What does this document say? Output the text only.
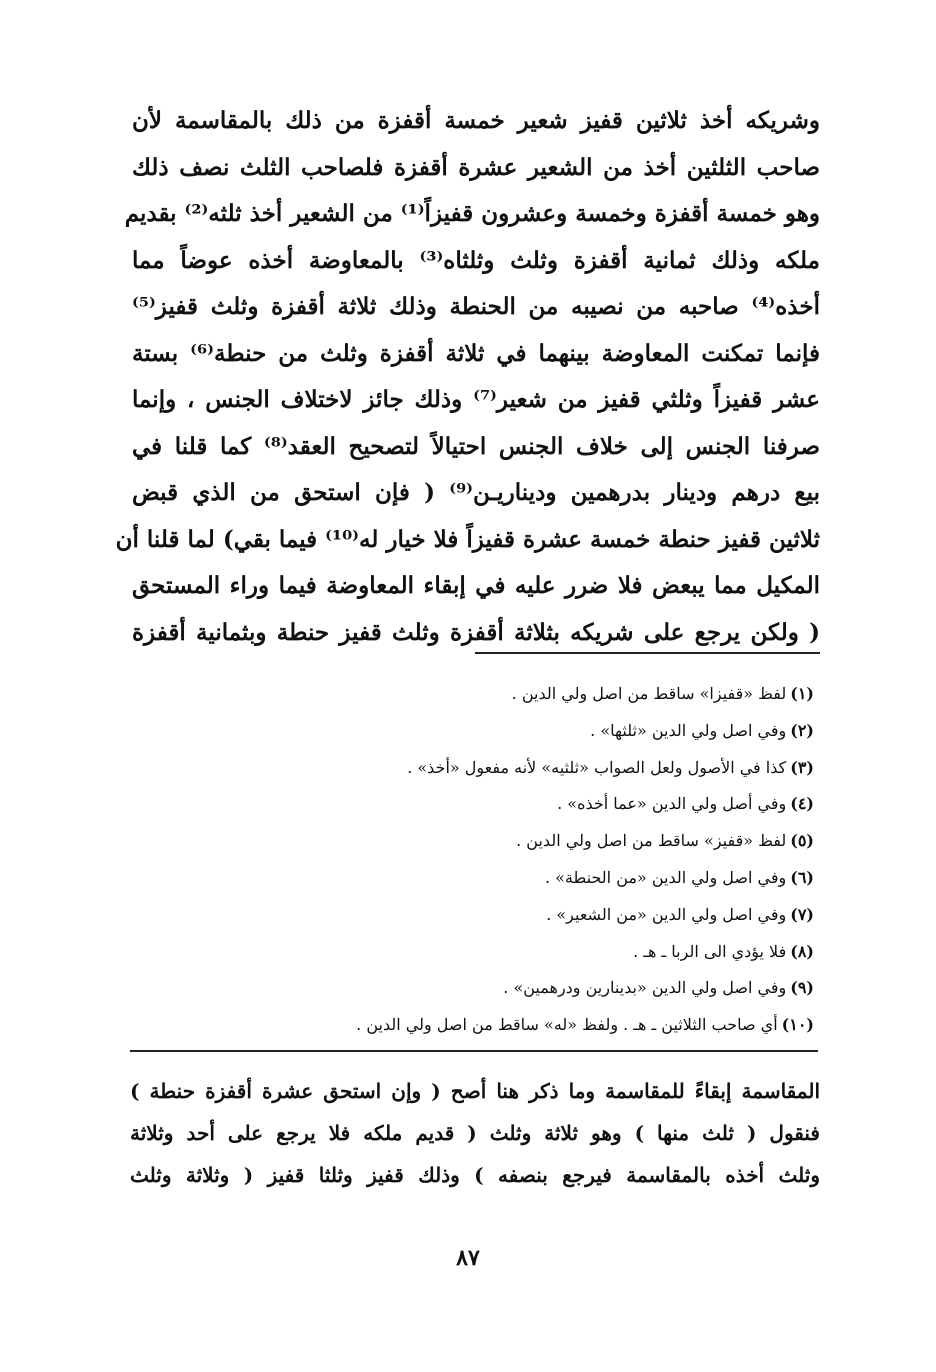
وشريكه أخذ ثلاثين قفيز شعير خمسة أقفزة من ذلك بالمقاسمة لأن
صاحب الثلثين أخذ من الشعير عشرة أقفزة فلصاحب الثلث نصف ذلك
وهو خمسة أقفزة وخمسة وعشرون قفيزاً⁽¹⁾ من الشعير أخذ ثلثه⁽²⁾ بقديم
ملكه وذلك ثمانية أقفزة وثلث وثلثاه⁽³⁾ بالمعاوضة أخذه عوضاً مما
أخذه⁽⁴⁾ صاحبه من نصيبه من الحنطة وذلك ثلاثة أقفزة وثلث قفيز⁽⁵⁾
فإنما تمكنت المعاوضة بينهما في ثلاثة أقفزة وثلث من حنطة⁽⁶⁾ بستة
عشر قفيزاً وثلثي قفيز من شعير⁽⁷⁾ وذلك جائز لاختلاف الجنس ، وإنما
صرفنا الجنس إلى خلاف الجنس احتيالاً لتصحيح العقد⁽⁸⁾ كما قلنا في
بيع درهم ودينار بدرهمين وديناريـن⁽⁹⁾ ( فإن استحق من الذي قبض
ثلاثين قفيز حنطة خمسة عشرة قفيزاً فلا خيار له⁽¹⁰⁾ فيما بقي) لما قلنا أن
المكيل مما يبعض فلا ضرر عليه في إبقاء المعاوضة فيما وراء المستحق
( ولكن يرجع على شريكه بثلاثة أقفزة وثلث قفيز حنطة وبثمانية أقفزة
(١)لفظ «قفيزا» ساقط من اصل ولي الدين .
(٢)وفي اصل ولي الدين «ثلثها» .
(٣)كذا في الأصول ولعل الصواب «ثلثيه» لأنه مفعول «أخذ» .
(٤)وفي أصل ولي الدين «عما أخذه» .
(٥)لفظ «قفيز» ساقط من اصل ولي الدين .
(٦)وفي اصل ولي الدين «من الحنطة» .
(٧)وفي اصل ولي الدين «من الشعير» .
(٨)فلا يؤدي الى الربا ـ هـ .
(٩)وفي اصل ولي الدين «بدينارين ودرهمين» .
(١٠)أي صاحب الثلاثين ـ هـ . ولفظ «له» ساقط من اصل ولي الدين .
المقاسمة إبقاءً للمقاسمة وما ذكر هنا أصح ( وإن استحق عشرة أقفزة حنطة )
فنقول ( ثلث منها ) وهو ثلاثة وثلث ( قديم ملكه فلا يرجع على أحد وثلاثة
وثلث أخذه بالمقاسمة فيرجع بنصفه ) وذلك قفيز وثلثا قفيز ( وثلاثة وثلث
٨٧
